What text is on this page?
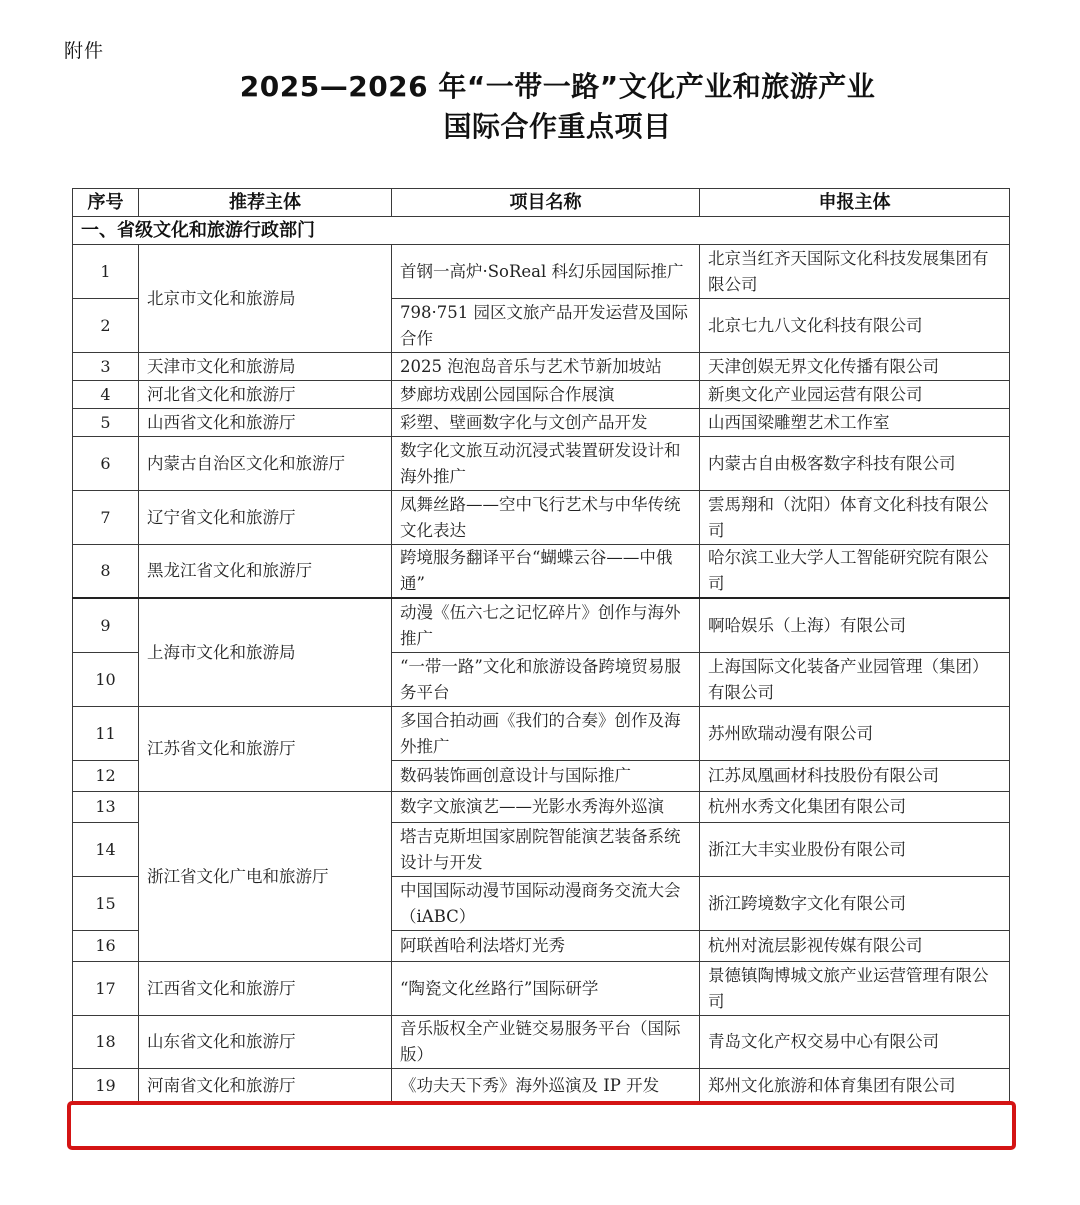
附件
2025—2026 年“一带一路”文化产业和旅游产业
国际合作重点项目
序号	推荐主体	项目名称	申报主体
一、省级文化和旅游行政部门			
1	北京市文化和旅游局	首钢一高炉·SoReal 科幻乐园国际推广	北京当红齐天国际文化科技发展集团有限公司
2		798·751 园区文旅产品开发运营及国际合作	北京七九八文化科技有限公司
3	天津市文化和旅游局	2025 泡泡岛音乐与艺术节新加坡站	天津创娱无界文化传播有限公司
4	河北省文化和旅游厅	梦廊坊戏剧公园国际合作展演	新奥文化产业园运营有限公司
5	山西省文化和旅游厅	彩塑、壁画数字化与文创产品开发	山西国梁雕塑艺术工作室
6	内蒙古自治区文化和旅游厅	数字化文旅互动沉浸式装置研发设计和海外推广	内蒙古自由极客数字科技有限公司
7	辽宁省文化和旅游厅	凤舞丝路——空中飞行艺术与中华传统文化表达	雲馬翔和（沈阳）体育文化科技有限公司
8	黑龙江省文化和旅游厅	跨境服务翻译平台“蝴蝶云谷——中俄通”	哈尔滨工业大学人工智能研究院有限公司
9	上海市文化和旅游局	动漫《伍六七之记忆碎片》创作与海外推广	啊哈娱乐（上海）有限公司
10		“一带一路”文化和旅游设备跨境贸易服务平台	上海国际文化装备产业园管理（集团）有限公司
11	江苏省文化和旅游厅	多国合拍动画《我们的合奏》创作及海外推广	苏州欧瑞动漫有限公司
12		数码装饰画创意设计与国际推广	江苏凤凰画材科技股份有限公司
13	浙江省文化广电和旅游厅	数字文旅演艺——光影水秀海外巡演	杭州水秀文化集团有限公司
14		塔吉克斯坦国家剧院智能演艺装备系统设计与开发	浙江大丰实业股份有限公司
15		中国国际动漫节国际动漫商务交流大会（iABC）	浙江跨境数字文化有限公司
16		阿联酋哈利法塔灯光秀	杭州对流层影视传媒有限公司
17	江西省文化和旅游厅	“陶瓷文化丝路行”国际研学	景德镇陶博城文旅产业运营管理有限公司
18	山东省文化和旅游厅	音乐版权全产业链交易服务平台（国际版）	青岛文化产权交易中心有限公司
19	河南省文化和旅游厅	《功夫天下秀》海外巡演及 IP 开发	郑州文化旅游和体育集团有限公司
